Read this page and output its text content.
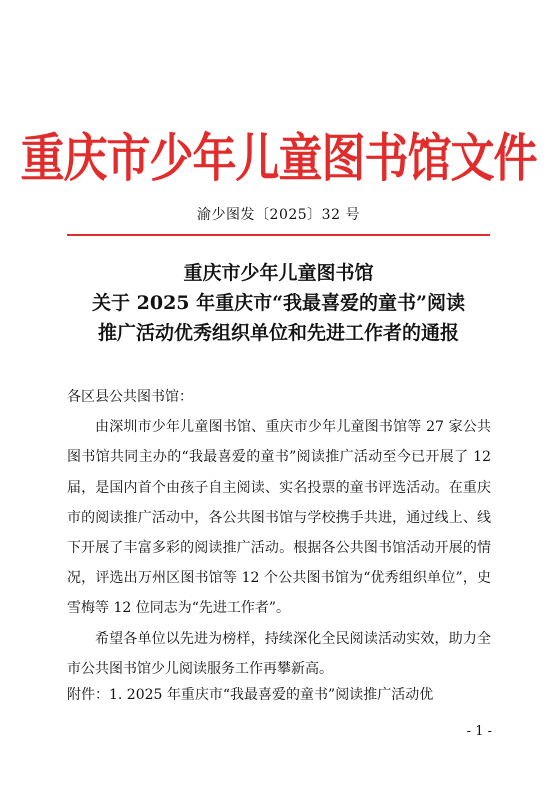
重庆市少年儿童图书馆文件
渝少图发〔2025〕32 号
重庆市少年儿童图书馆
关于 2025 年重庆市“我最喜爱的童书”阅读
推广活动优秀组织单位和先进工作者的通报

各区县公共图书馆：

由深圳市少年儿童图书馆、重庆市少年儿童图书馆等 27 家公共图书馆共同主办的“我最喜爱的童书”阅读推广活动至今已开展了 12 届，是国内首个由孩子自主阅读、实名投票的童书评选活动。在重庆市的阅读推广活动中，各公共图书馆与学校携手共进，通过线上、线下开展了丰富多彩的阅读推广活动。根据各公共图书馆活动开展的情况，评选出万州区图书馆等 12 个公共图书馆为“优秀组织单位”，史雪梅等 12 位同志为“先进工作者”。

希望各单位以先进为榜样，持续深化全民阅读活动实效，助力全市公共图书馆少儿阅读服务工作再攀新高。

附件：1. 2025 年重庆市“我最喜爱的童书”阅读推广活动优
- 1 -
